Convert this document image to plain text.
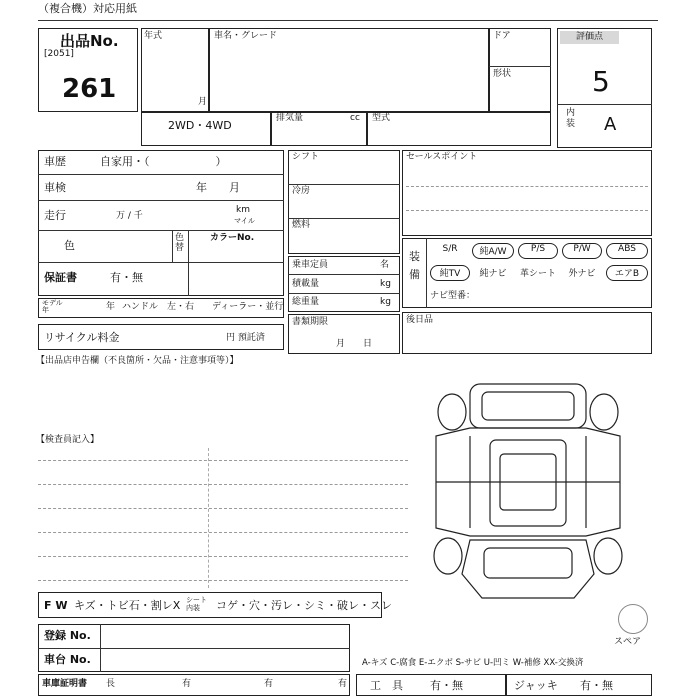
（複合機）対応用紙
出品No.
[2051]
261
年式
月
車名・グレード	ドア
形状
評価点
5
内装 A
2WD・4WD
排気量	cc 型式
車歴	自家用・（　　　　　　）
車検	年　　月
走行	万 / 千
km
マイル
色
色替
カラーNo.
保証書	有・無
モデル年	年 ハンドル　左・右 ディーラー・並行
リサイクル料金	円 預託済
シフト
冷房
燃料
乗車定員	名
積載量	kg
総重量	kg
書類期限
月　　日
セールスポイント
装備
S/R	純A/W	P/S	P/W	ABS
純TV	純ナビ	革シート	外ナビ	エアB
ナビ型番：
後日品
【出品店申告欄（不良箇所・欠品・注意事項等）】
【検査員記入】
スペア
F W キズ・トビ石・割レX シート内装	コゲ・穴・汚レ・シミ・破レ・スレ
登録 No.
車台 No.
車庫証明書 長	有	有	有
A-キズ C-腐食 E-エクボ S-サビ U-凹ミ W-補修 XX-交換済
工　具 有・無	ジャッキ 有・無
